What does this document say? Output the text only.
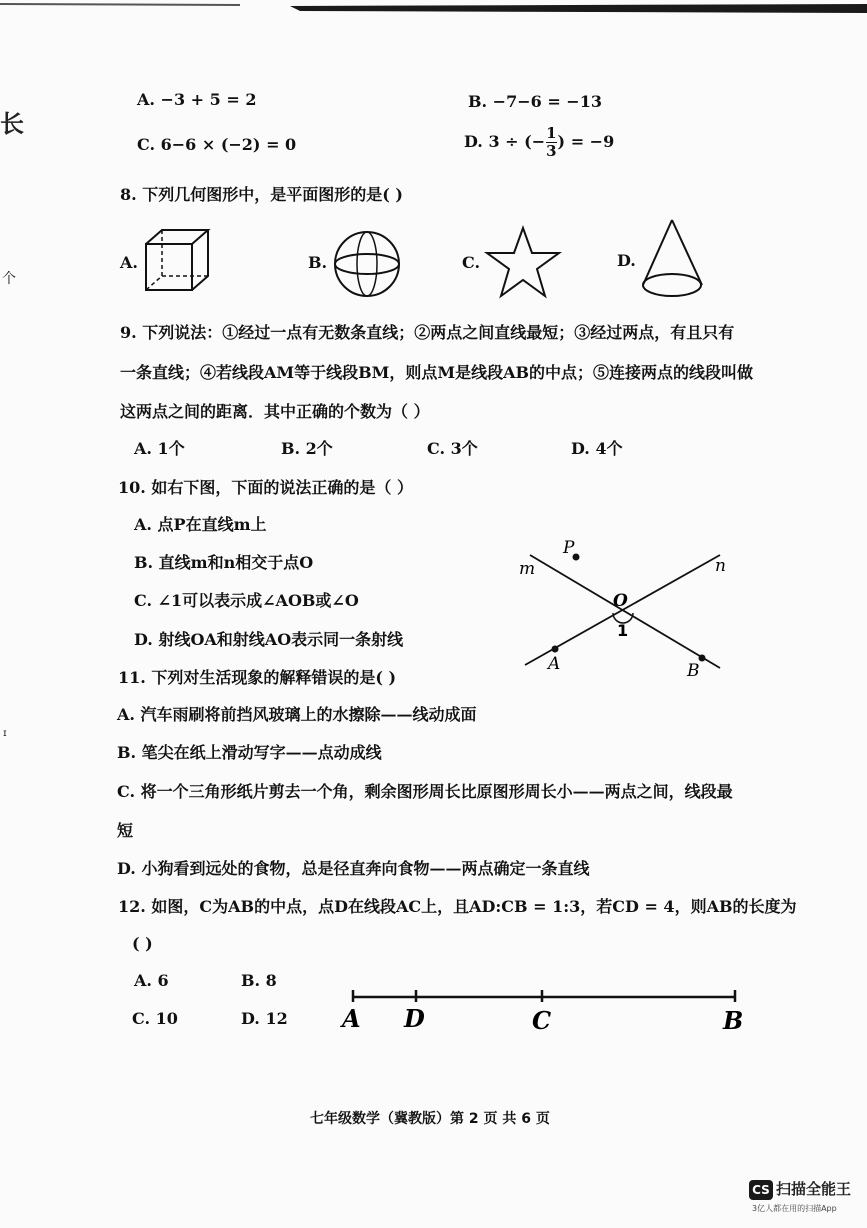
长
个
ɪ
A. −3 + 5 = 2	B. −7−6 = −13
C. 6−6 × (−2) = 0	D. 3 ÷ (− $\frac{1}{3}$ ) = −9
8. 下列几何图形中，是平面图形的是( )
A.	B.	C.	D.
9. 下列说法：①经过一点有无数条直线；②两点之间直线最短；③经过两点，有且只有
一条直线；④若线段AM等于线段BM，则点M是线段AB的中点；⑤连接两点的线段叫做
这两点之间的距离．其中正确的个数为（ ）
A. 1个	B. 2个	C. 3个	D. 4个
10. 如右下图，下面的说法正确的是（ ）
A. 点P在直线m上
B. 直线m和n相交于点O
C. ∠1可以表示成∠AOB或∠O
D. 射线OA和射线AO表示同一条射线
P
m	n
O
1
A	B
11. 下列对生活现象的解释错误的是( )
A. 汽车雨刷将前挡风玻璃上的水擦除——线动成面
B. 笔尖在纸上滑动写字——点动成线
C. 将一个三角形纸片剪去一个角，剩余图形周长比原图形周长小——两点之间，线段最
短
D. 小狗看到远处的食物，总是径直奔向食物——两点确定一条直线
12. 如图，C为AB的中点，点D在线段AC上，且AD:CB = 1:3，若CD = 4，则AB的长度为
( )
A. 6	B. 8
C. 10	D. 12 A D	C	B
七年级数学（冀教版）第 2 页 共 6 页
CS 扫描全能王
3亿人都在用的扫描App
